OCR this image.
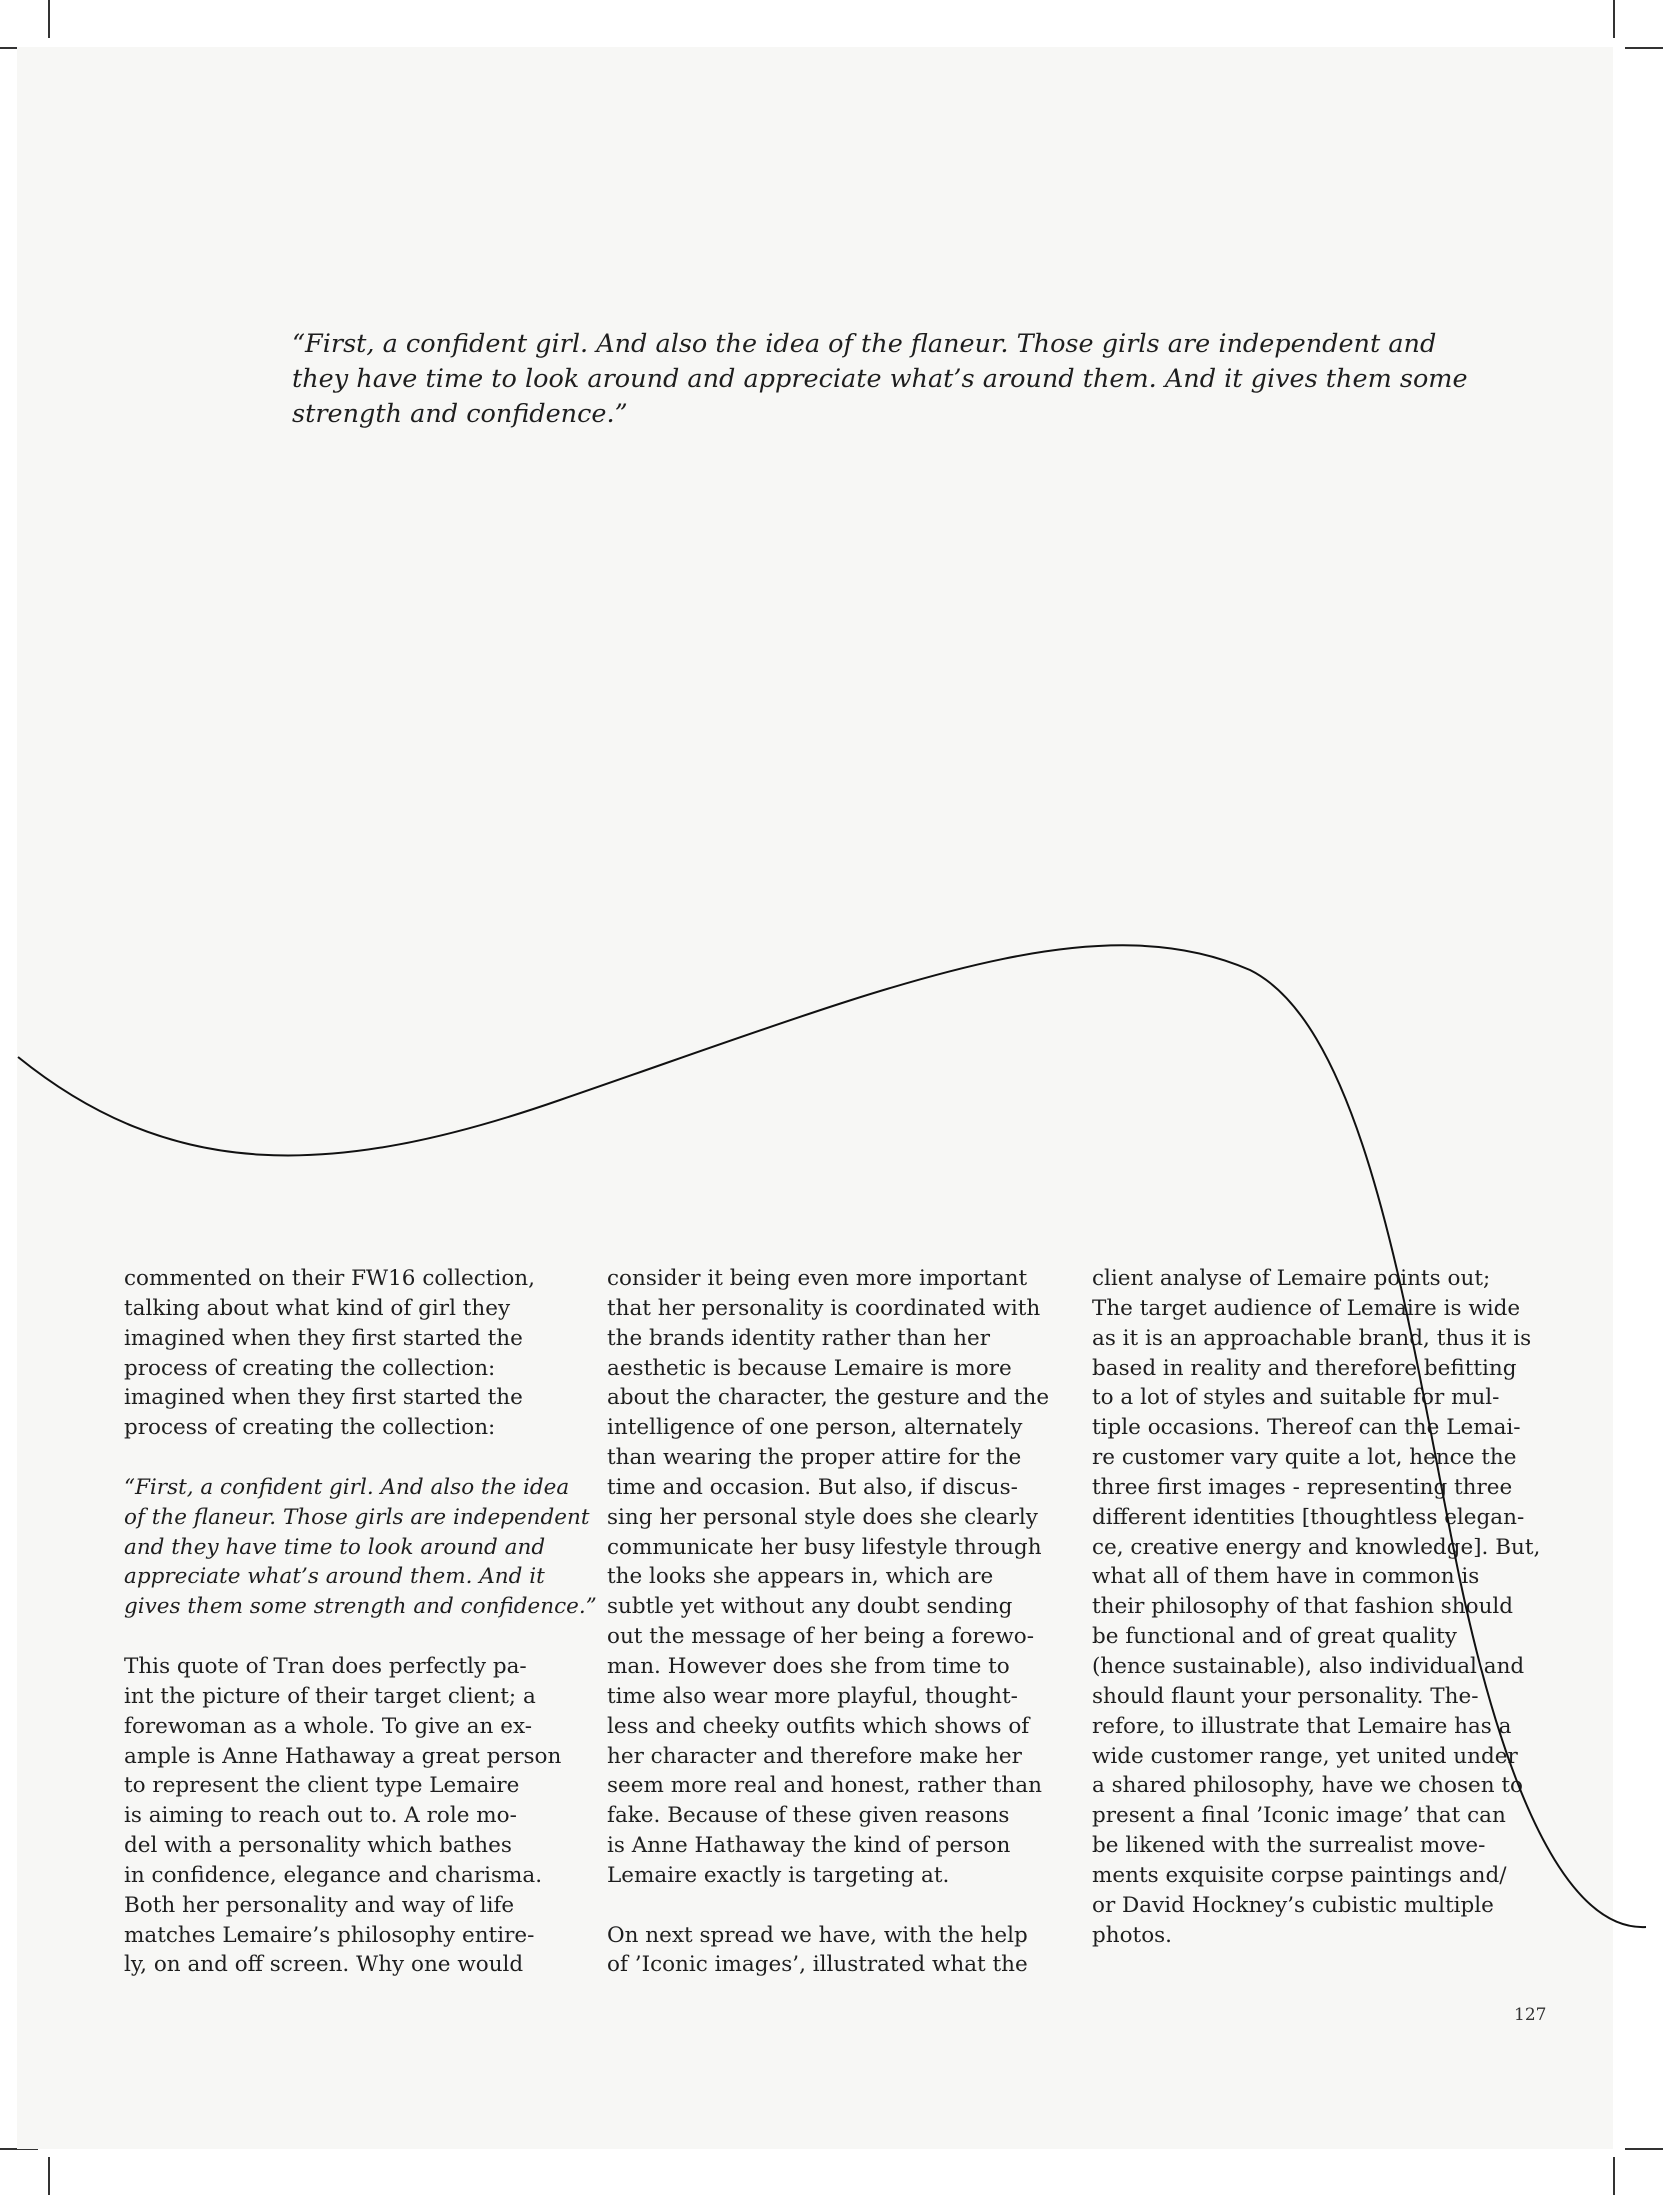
“First, a confident girl. And also the idea of the flaneur. Those girls are independent and
they have time to look around and appreciate what’s around them. And it gives them some
strength and confidence.”

commented on their FW16 collection,
talking about what kind of girl they
imagined when they first started the
process of creating the collection:
imagined when they first started the
process of creating the collection:
“First, a confident girl. And also the idea
of the flaneur. Those girls are independent
and they have time to look around and
appreciate what’s around them. And it
gives them some strength and confidence.”
This quote of Tran does perfectly pa-
int the picture of their target client; a
forewoman as a whole. To give an ex-
ample is Anne Hathaway a great person
to represent the client type Lemaire
is aiming to reach out to. A role mo-
del with a personality which bathes
in confidence, elegance and charisma.
Both her personality and way of life
matches Lemaire’s philosophy entire-
ly, on and off screen. Why one would
consider it being even more important
that her personality is coordinated with
the brands identity rather than her
aesthetic is because Lemaire is more
about the character, the gesture and the
intelligence of one person, alternately
than wearing the proper attire for the
time and occasion. But also, if discus-
sing her personal style does she clearly
communicate her busy lifestyle through
the looks she appears in, which are
subtle yet without any doubt sending
out the message of her being a forewo-
man. However does she from time to
time also wear more playful, thought-
less and cheeky outfits which shows of
her character and therefore make her
seem more real and honest, rather than
fake. Because of these given reasons
is Anne Hathaway the kind of person
Lemaire exactly is targeting at.
On next spread we have, with the help
of ’Iconic images’, illustrated what the
client analyse of Lemaire points out;
The target audience of Lemaire is wide
as it is an approachable brand, thus it is
based in reality and therefore befitting
to a lot of styles and suitable for mul-
tiple occasions. Thereof can the Lemai-
re customer vary quite a lot, hence the
three first images - representing three
different identities [thoughtless elegan-
ce, creative energy and knowledge]. But,
what all of them have in common is
their philosophy of that fashion should
be functional and of great quality
(hence sustainable), also individual and
should flaunt your personality. The-
refore, to illustrate that Lemaire has a
wide customer range, yet united under
a shared philosophy, have we chosen to
present a final ’Iconic image’ that can
be likened with the surrealist move-
ments exquisite corpse paintings and/
or David Hockney’s cubistic multiple
photos.
127
